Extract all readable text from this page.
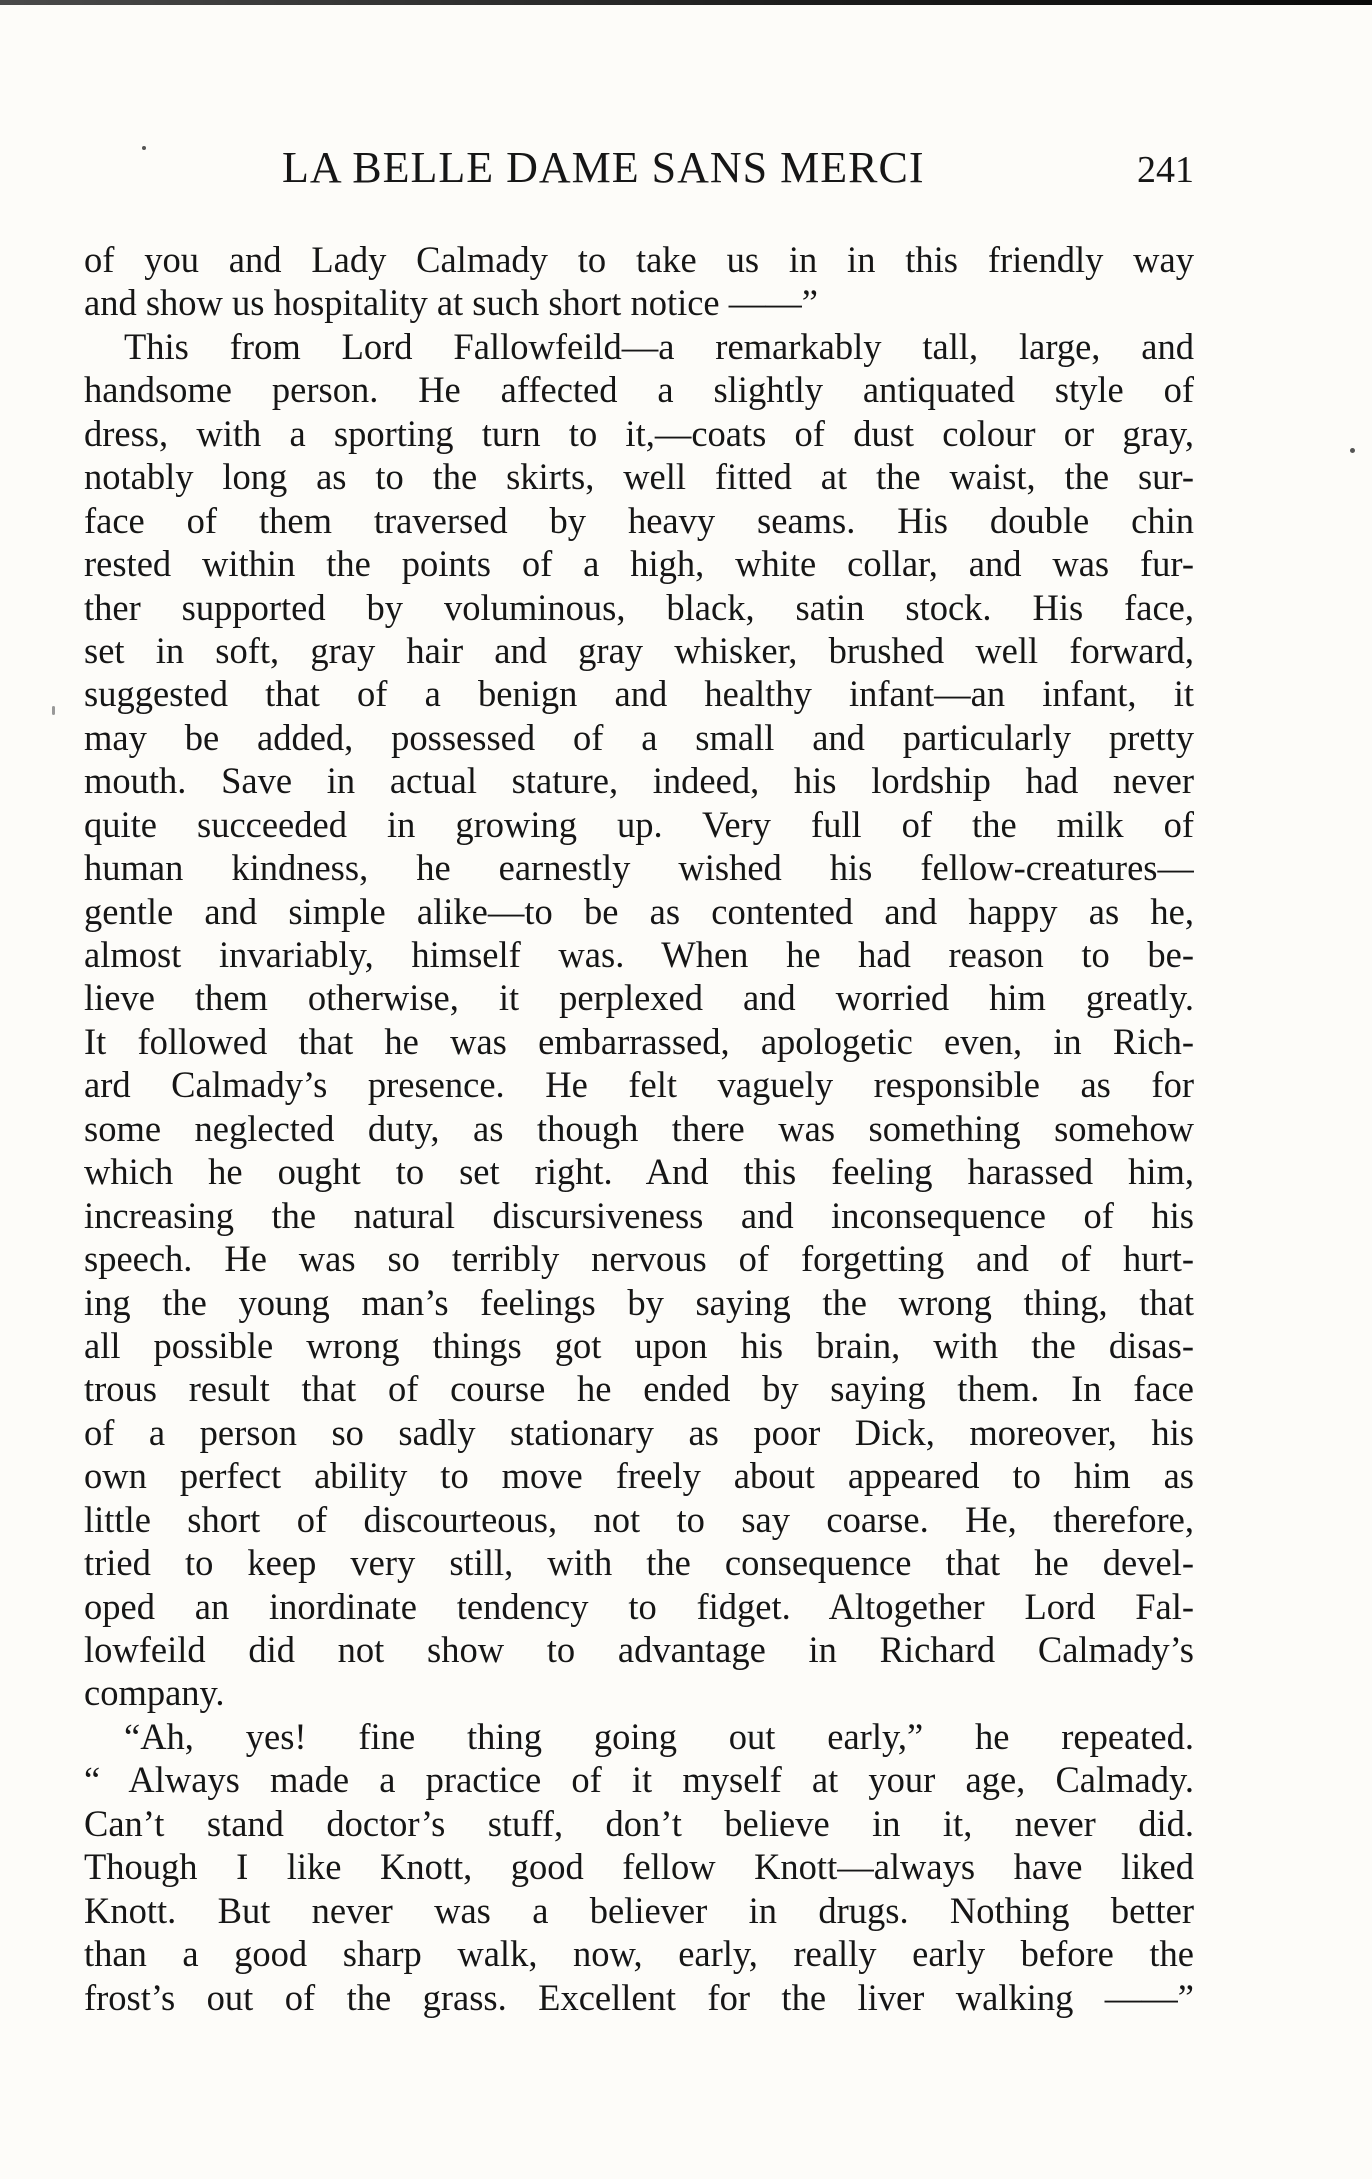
LA BELLE DAME SANS MERCI	241
of you and Lady Calmady to take us in in this friendly way
and show us hospitality at such short notice ——”
This from Lord Fallowfeild—a remarkably tall, large, and
handsome person. He affected a slightly antiquated style of
dress, with a sporting turn to it,—coats of dust colour or gray,
notably long as to the skirts, well fitted at the waist, the sur-
face of them traversed by heavy seams. His double chin
rested within the points of a high, white collar, and was fur-
ther supported by voluminous, black, satin stock. His face,
set in soft, gray hair and gray whisker, brushed well forward,
suggested that of a benign and healthy infant—an infant, it
may be added, possessed of a small and particularly pretty
mouth. Save in actual stature, indeed, his lordship had never
quite succeeded in growing up. Very full of the milk of
human kindness, he earnestly wished his fellow-creatures—
gentle and simple alike—to be as contented and happy as he,
almost invariably, himself was. When he had reason to be-
lieve them otherwise, it perplexed and worried him greatly.
It followed that he was embarrassed, apologetic even, in Rich-
ard Calmady’s presence. He felt vaguely responsible as for
some neglected duty, as though there was something somehow
which he ought to set right. And this feeling harassed him,
increasing the natural discursiveness and inconsequence of his
speech. He was so terribly nervous of forgetting and of hurt-
ing the young man’s feelings by saying the wrong thing, that
all possible wrong things got upon his brain, with the disas-
trous result that of course he ended by saying them. In face
of a person so sadly stationary as poor Dick, moreover, his
own perfect ability to move freely about appeared to him as
little short of discourteous, not to say coarse. He, therefore,
tried to keep very still, with the consequence that he devel-
oped an inordinate tendency to fidget. Altogether Lord Fal-
lowfeild did not show to advantage in Richard Calmady’s
company.
“Ah, yes! fine thing going out early,” he repeated.
“ Always made a practice of it myself at your age, Calmady.
Can’t stand doctor’s stuff, don’t believe in it, never did.
Though I like Knott, good fellow Knott—always have liked
Knott. But never was a believer in drugs. Nothing better
than a good sharp walk, now, early, really early before the
frost’s out of the grass. Excellent for the liver walking ——”
